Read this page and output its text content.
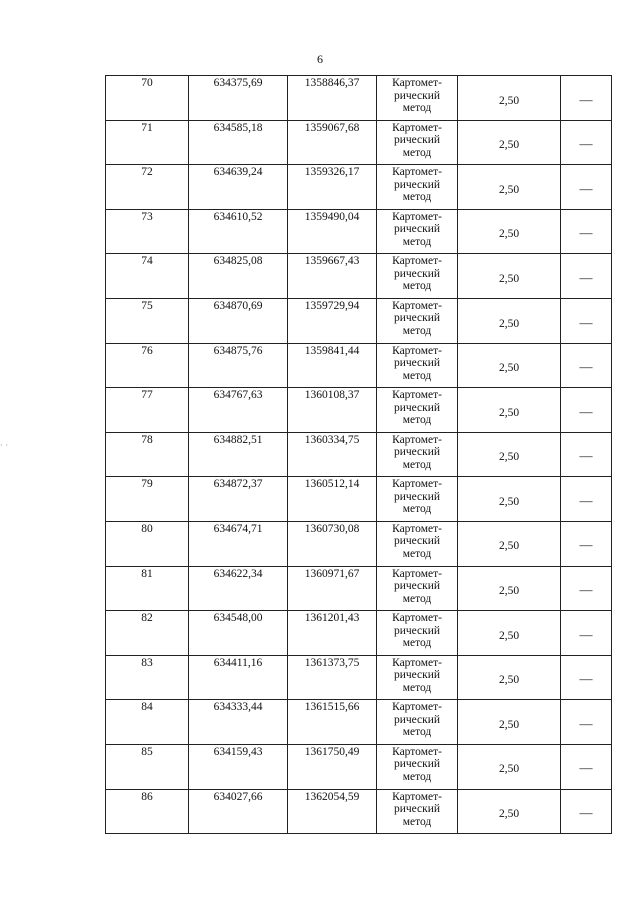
6
· ·
70	634375,69	1358846,37	Картомет-
рический
метод	2,50	—

71	634585,18	1359067,68	Картомет-
рический
метод	2,50	—

72	634639,24	1359326,17	Картомет-
рический
метод	2,50	—

73	634610,52	1359490,04	Картомет-
рический
метод	2,50	—

74	634825,08	1359667,43	Картомет-
рический
метод	2,50	—

75	634870,69	1359729,94	Картомет-
рический
метод	2,50	—

76	634875,76	1359841,44	Картомет-
рический
метод	2,50	—

77	634767,63	1360108,37	Картомет-
рический
метод	2,50	—

78	634882,51	1360334,75	Картомет-
рический
метод	2,50	—

79	634872,37	1360512,14	Картомет-
рический
метод	2,50	—

80	634674,71	1360730,08	Картомет-
рический
метод	2,50	—

81	634622,34	1360971,67	Картомет-
рический
метод	2,50	—

82	634548,00	1361201,43	Картомет-
рический
метод	2,50	—

83	634411,16	1361373,75	Картомет-
рический
метод	2,50	—

84	634333,44	1361515,66	Картомет-
рический
метод	2,50	—

85	634159,43	1361750,49	Картомет-
рический
метод	2,50	—

86	634027,66	1362054,59	Картомет-
рический
метод	2,50	—
